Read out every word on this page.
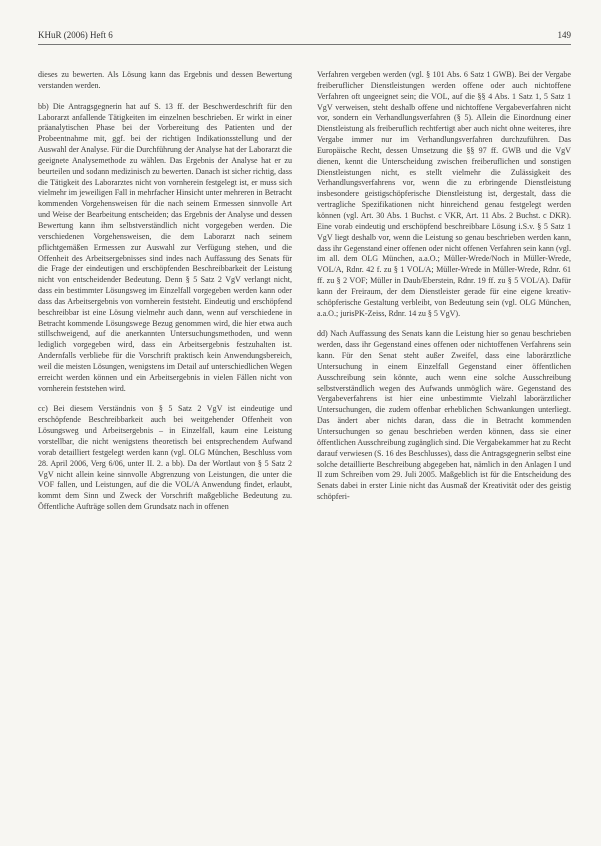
KHuR (2006) Heft 6	149

dieses zu bewerten. Als Lösung kann das Ergebnis und dessen Bewertung verstanden werden.

bb) Die Antragsgegnerin hat auf S. 13 ff. der Beschwerdeschrift für den Laborarzt anfallende Tätigkeiten im einzelnen beschrieben. Er wirkt in einer präanalytischen Phase bei der Vorbereitung des Patienten und der Probeentnahme mit, ggf. bei der richtigen Indikationsstellung und der Auswahl der Analyse. Für die Durchführung der Analyse hat der Laborarzt die geeignete Analysemethode zu wählen. Das Ergebnis der Analyse hat er zu beurteilen und sodann medizinisch zu bewerten. Danach ist sicher richtig, dass die Tätigkeit des Laborarztes nicht von vornherein festgelegt ist, er muss sich vielmehr im jeweiligen Fall in mehrfacher Hinsicht unter mehreren in Betracht kommenden Vorgehensweisen für die nach seinem Ermessen sinnvolle Art und Weise der Bearbeitung entscheiden; das Ergebnis der Analyse und dessen Bewertung kann ihm selbstverständlich nicht vorgegeben werden. Die verschiedenen Vorgehensweisen, die dem Laborarzt nach seinem pflichtgemäßen Ermessen zur Auswahl zur Verfügung stehen, und die Offenheit des Arbeitsergebnisses sind indes nach Auffassung des Senats für die Frage der eindeutigen und erschöpfenden Beschreibbarkeit der Leistung nicht von entscheidender Bedeutung. Denn § 5 Satz 2 VgV verlangt nicht, dass ein bestimmter Lösungsweg im Einzelfall vorgegeben werden kann oder dass das Arbeitsergebnis von vornherein feststeht. Eindeutig und erschöpfend beschreibbar ist eine Lösung vielmehr auch dann, wenn auf verschiedene in Betracht kommende Lösungswege Bezug genommen wird, die hier etwa auch stillschweigend, auf die anerkannten Untersuchungsmethoden, und wenn lediglich vorgegeben wird, dass ein Arbeitsergebnis festzuhalten ist. Andernfalls verbliebe für die Vorschrift praktisch kein Anwendungsbereich, weil die meisten Lösungen, wenigstens im Detail auf unterschiedlichen Wegen erreicht werden können und ein Arbeitsergebnis in vielen Fällen nicht von vornherein feststehen wird.

cc) Bei diesem Verständnis von § 5 Satz 2 VgV ist eindeutige und erschöpfende Beschreibbarkeit auch bei weitgehender Offenheit von Lösungsweg und Arbeitsergebnis – in Einzelfall, kaum eine Leistung vorstellbar, die nicht wenigstens theoretisch bei entsprechendem Aufwand vorab detailliert festgelegt werden kann (vgl. OLG München, Beschluss vom 28. April 2006, Verg 6/06, unter II. 2. a bb). Da der Wortlaut von § 5 Satz 2 VgV nicht allein keine sinnvolle Abgrenzung von Leistungen, die unter die VOF fallen, und Leistungen, auf die die VOL/A Anwendung findet, erlaubt, kommt dem Sinn und Zweck der Vorschrift maßgebliche Bedeutung zu. Öffentliche Aufträge sollen dem Grundsatz nach in offenen

Verfahren vergeben werden (vgl. § 101 Abs. 6 Satz 1 GWB). Bei der Vergabe freiberuflicher Dienstleistungen werden offene oder auch nichtoffene Verfahren oft ungeeignet sein; die VOL, auf die §§ 4 Abs. 1 Satz 1, 5 Satz 1 VgV verweisen, steht deshalb offene und nichtoffene Vergabeverfahren nicht vor, sondern ein Verhandlungsverfahren (§ 5). Allein die Einordnung einer Dienstleistung als freiberuflich rechtfertigt aber auch nicht ohne weiteres, ihre Vergabe immer nur im Verhandlungsverfahren durchzuführen. Das Europäische Recht, dessen Umsetzung die §§ 97 ff. GWB und die VgV dienen, kennt die Unterscheidung zwischen freiberuflichen und sonstigen Dienstleistungen nicht, es stellt vielmehr die Zulässigkeit des Verhandlungsverfahrens vor, wenn die zu erbringende Dienstleistung insbesondere geistigschöpferische Dienstleistung ist, dergestalt, dass die vertragliche Spezifikationen nicht hinreichend genau festgelegt werden können (vgl. Art. 30 Abs. 1 Buchst. c VKR, Art. 11 Abs. 2 Buchst. c DKR). Eine vorab eindeutig und erschöpfend beschreibbare Lösung i.S.v. § 5 Satz 1 VgV liegt deshalb vor, wenn die Leistung so genau beschrieben werden kann, dass ihr Gegenstand einer offenen oder nicht offenen Verfahren sein kann (vgl. im all. dem OLG München, a.a.O.; Müller-Wrede/Noch in Müller-Wrede, VOL/A, Rdnr. 42 f. zu § 1 VOL/A; Müller-Wrede in Müller-Wrede, Rdnr. 61 ff. zu § 2 VOF; Müller in Daub/Eberstein, Rdnr. 19 ff. zu § 5 VOL/A). Dafür kann der Freiraum, der dem Dienstleister gerade für eine eigene kreativ-schöpferische Gestaltung verbleibt, von Bedeutung sein (vgl. OLG München, a.a.O.; jurisPK-Zeiss, Rdnr. 14 zu § 5 VgV).

dd) Nach Auffassung des Senats kann die Leistung hier so genau beschrieben werden, dass ihr Gegenstand eines offenen oder nichtoffenen Verfahrens sein kann. Für den Senat steht außer Zweifel, dass eine laborärztliche Untersuchung in einem Einzelfall Gegenstand einer öffentlichen Ausschreibung sein könnte, auch wenn eine solche Ausschreibung selbstverständlich wegen des Aufwands unmöglich wäre. Gegenstand des Vergabeverfahrens ist hier eine unbestimmte Vielzahl laborärztlicher Untersuchungen, die zudem offenbar erheblichen Schwankungen unterliegt. Das ändert aber nichts daran, dass die in Betracht kommenden Untersuchungen so genau beschrieben werden können, dass sie einer öffentlichen Ausschreibung zugänglich sind. Die Vergabekammer hat zu Recht darauf verwiesen (S. 16 des Beschlusses), dass die Antragsgegnerin selbst eine solche detaillierte Beschreibung abgegeben hat, nämlich in den Anlagen I und II zum Schreiben vom 29. Juli 2005. Maßgeblich ist für die Entscheidung des Senats dabei in erster Linie nicht das Ausmaß der Kreativität oder des geistig schöpferi-
